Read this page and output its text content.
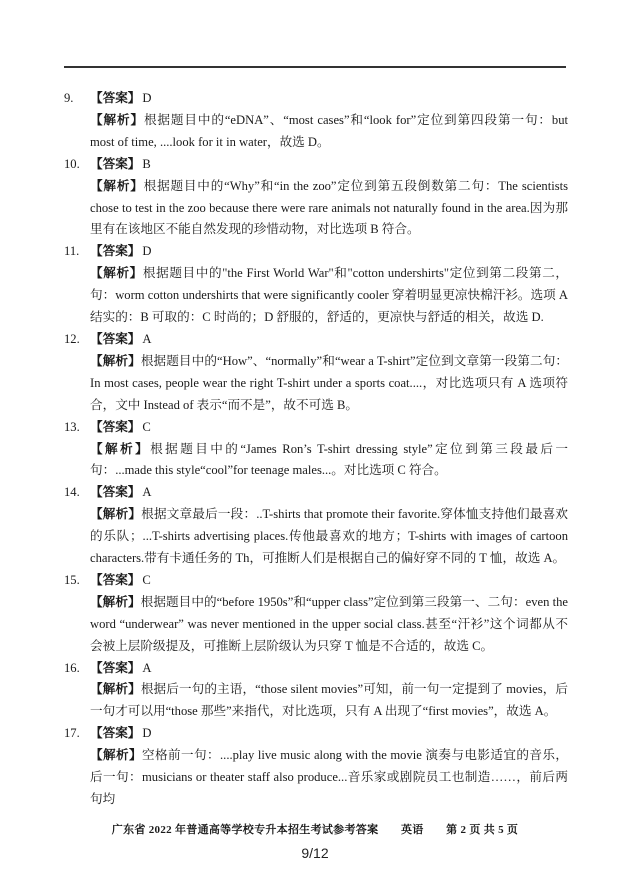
9.	【答案】 D
【解析】根据题目中的“eDNA”、“most cases”和“look for”定位到第四段第一句：but most of time, ....look for it in water，故选 D。
10. 【答案】 B
【解析】根据题目中的“Why”和“in the zoo”定位到第五段倒数第二句：The scientists chose to test in the zoo because there were rare animals not naturally found in the area.因为那里有在该地区不能自然发现的珍惜动物，对比选项 B 符合。
11. 【答案】 D
【解析】根据题目中的"the First World War"和"cotton undershirts"定位到第二段第二，句：worm cotton undershirts that were significantly cooler 穿着明显更凉快棉汗衫。选项 A 结实的：B 可取的：C 时尚的；D 舒服的，舒适的，更凉快与舒适的相关，故选 D.
12. 【答案】 A
【解析】根据题目中的“How”、“normally”和“wear a T-shirt”定位到文章第一段第二句：In most cases, people wear the right T-shirt under a sports coat....，对比选项只有 A 选项符合，文中 Instead of 表示“而不是”，故不可选 B。
13. 【答案】 C
【解析】根据题目中的“James Ron’s T-shirt dressing style”定位到第三段最后一句：...made this style“cool”for teenage males...。对比选项 C 符合。
14. 【答案】 A
【解析】根据文章最后一段：..T-shirts that promote their favorite.穿体恤支持他们最喜欢的乐队；...T-shirts advertising places.传他最喜欢的地方；T-shirts with images of cartoon characters.带有卡通任务的 Th，可推断人们是根据自己的偏好穿不同的 T 恤，故选 A。
15. 【答案】 C
【解析】根据题目中的“before 1950s”和“upper class”定位到第三段第一、二句：even the word “underwear” was never mentioned in the upper social class.甚至“汗衫”这个词都从不会被上层阶级提及，可推断上层阶级认为只穿 T 恤是不合适的，故选 C。
16. 【答案】 A
【解析】根据后一句的主语，“those silent movies”可知，前一句一定提到了 movies，后一句才可以用“those 那些”来指代，对比选项，只有 A 出现了“first movies”，故选 A。
17. 【答案】 D
【解析】空格前一句：....play live music along with the movie 演奏与电影适宜的音乐，后一句：musicians or theater staff also produce...音乐家或剧院员工也制造……，前后两句均
广东省 2022 年普通高等学校专升本招生考试参考答案　　英语　　第 2 页 共 5 页
9/12
